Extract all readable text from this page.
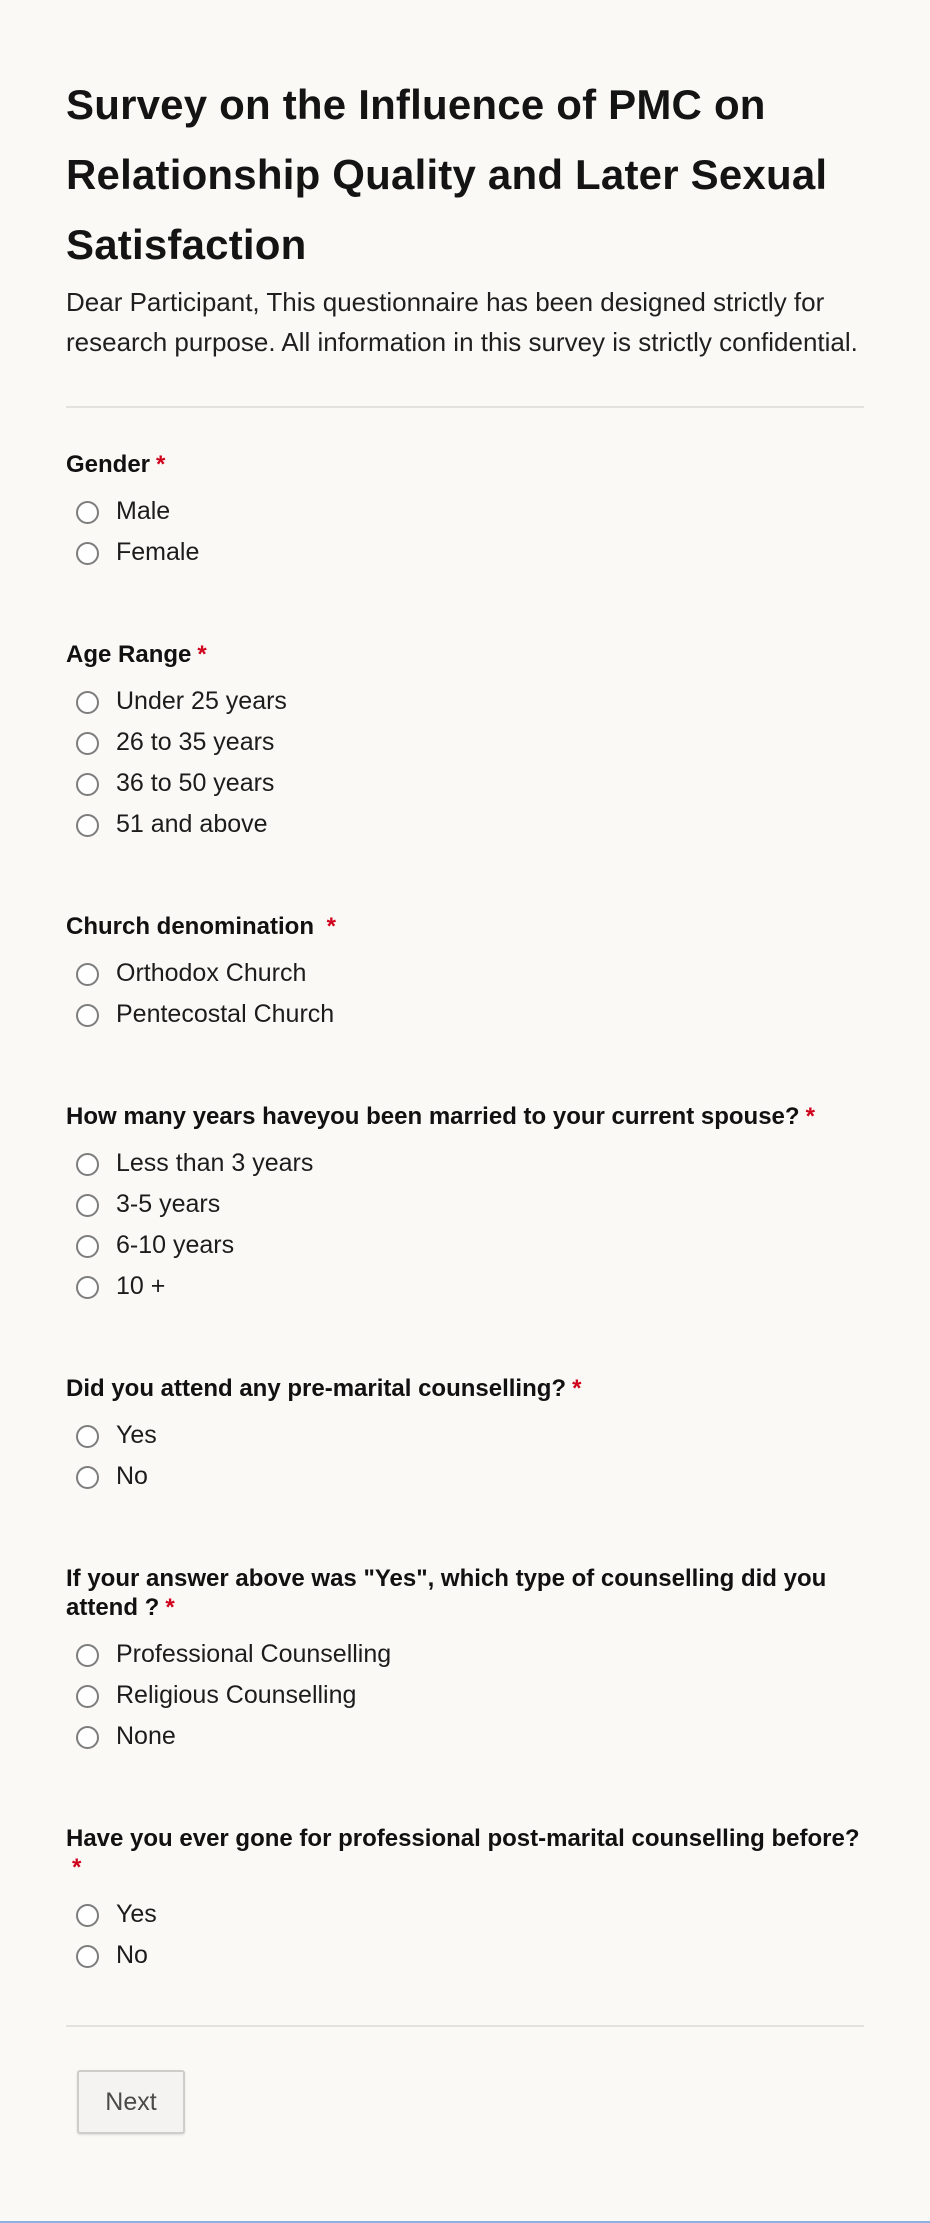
Survey on the Influence of PMC on Relationship Quality and Later Sexual Satisfaction

Dear Participant, This questionnaire has been designed strictly for research purpose. All information in this survey is strictly confidential.

Gender *
Male
Female
Age Range *
Under 25 years
26 to 35 years
36 to 50 years
51 and above
Church denomination *
Orthodox Church
Pentecostal Church
How many years haveyou been married to your current spouse? *
Less than 3 years
3-5 years
6-10 years
10 +
Did you attend any pre-marital counselling? *
Yes
No
If your answer above was "Yes", which type of counselling did you attend ? *
Professional Counselling
Religious Counselling
None
Have you ever gone for professional post-marital counselling before?*
Yes
No
Next
